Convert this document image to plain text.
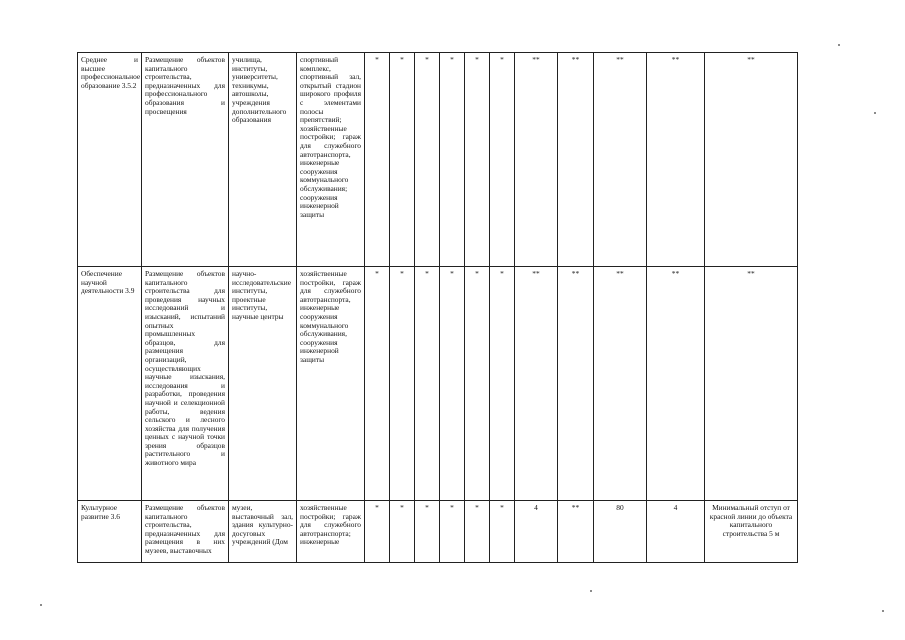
Среднее и высшее профессиональное образование 3.5.2	Размещение объектов капитального строительства, предназначенных для профессионального образования и просвещения	училища, институты, университеты, техникумы, автошколы, учреждения дополнительного образования	спортивный комплекс, спортивный зал, открытый стадион широкого профиля с элементами полосы препятствий; хозяйственные постройки; гараж для служебного автотранспорта, инженерные сооружения коммунального обслуживания; сооружения инженерной защиты	*	*	*	*	*	*	**	**	**	**	**
Обеспечение научной деятельности 3.9	Размещение объектов капитального строительства для проведения научных исследований и изысканий, испытаний опытных промышленных образцов, для размещения организаций, осуществляющих научные изыскания, исследования и разработки, проведения научной и селекционной работы, ведения сельского и лесного хозяйства для получения ценных с научной точки зрения образцов растительного и животного мира	научно-исследовательские институты, проектные институты, научные центры	хозяйственные постройки, гараж для служебного автотранспорта, инженерные сооружения коммунального обслуживания, сооружения инженерной защиты	*	*	*	*	*	*	**	**	**	**	**
Культурное развитие 3.6	Размещение объектов капитального строительства, предназначенных для размещения в них музеев, выставочных	музеи, выставочный зал, здания культурно-досуговых учреждений (Дом	хозяйственные постройки; гараж для служебного автотранспорта; инженерные	*	*	*	*	*	*	4	**	80	4	Минимальный отступ от красной линии до объекта капитального строительства 5 м
